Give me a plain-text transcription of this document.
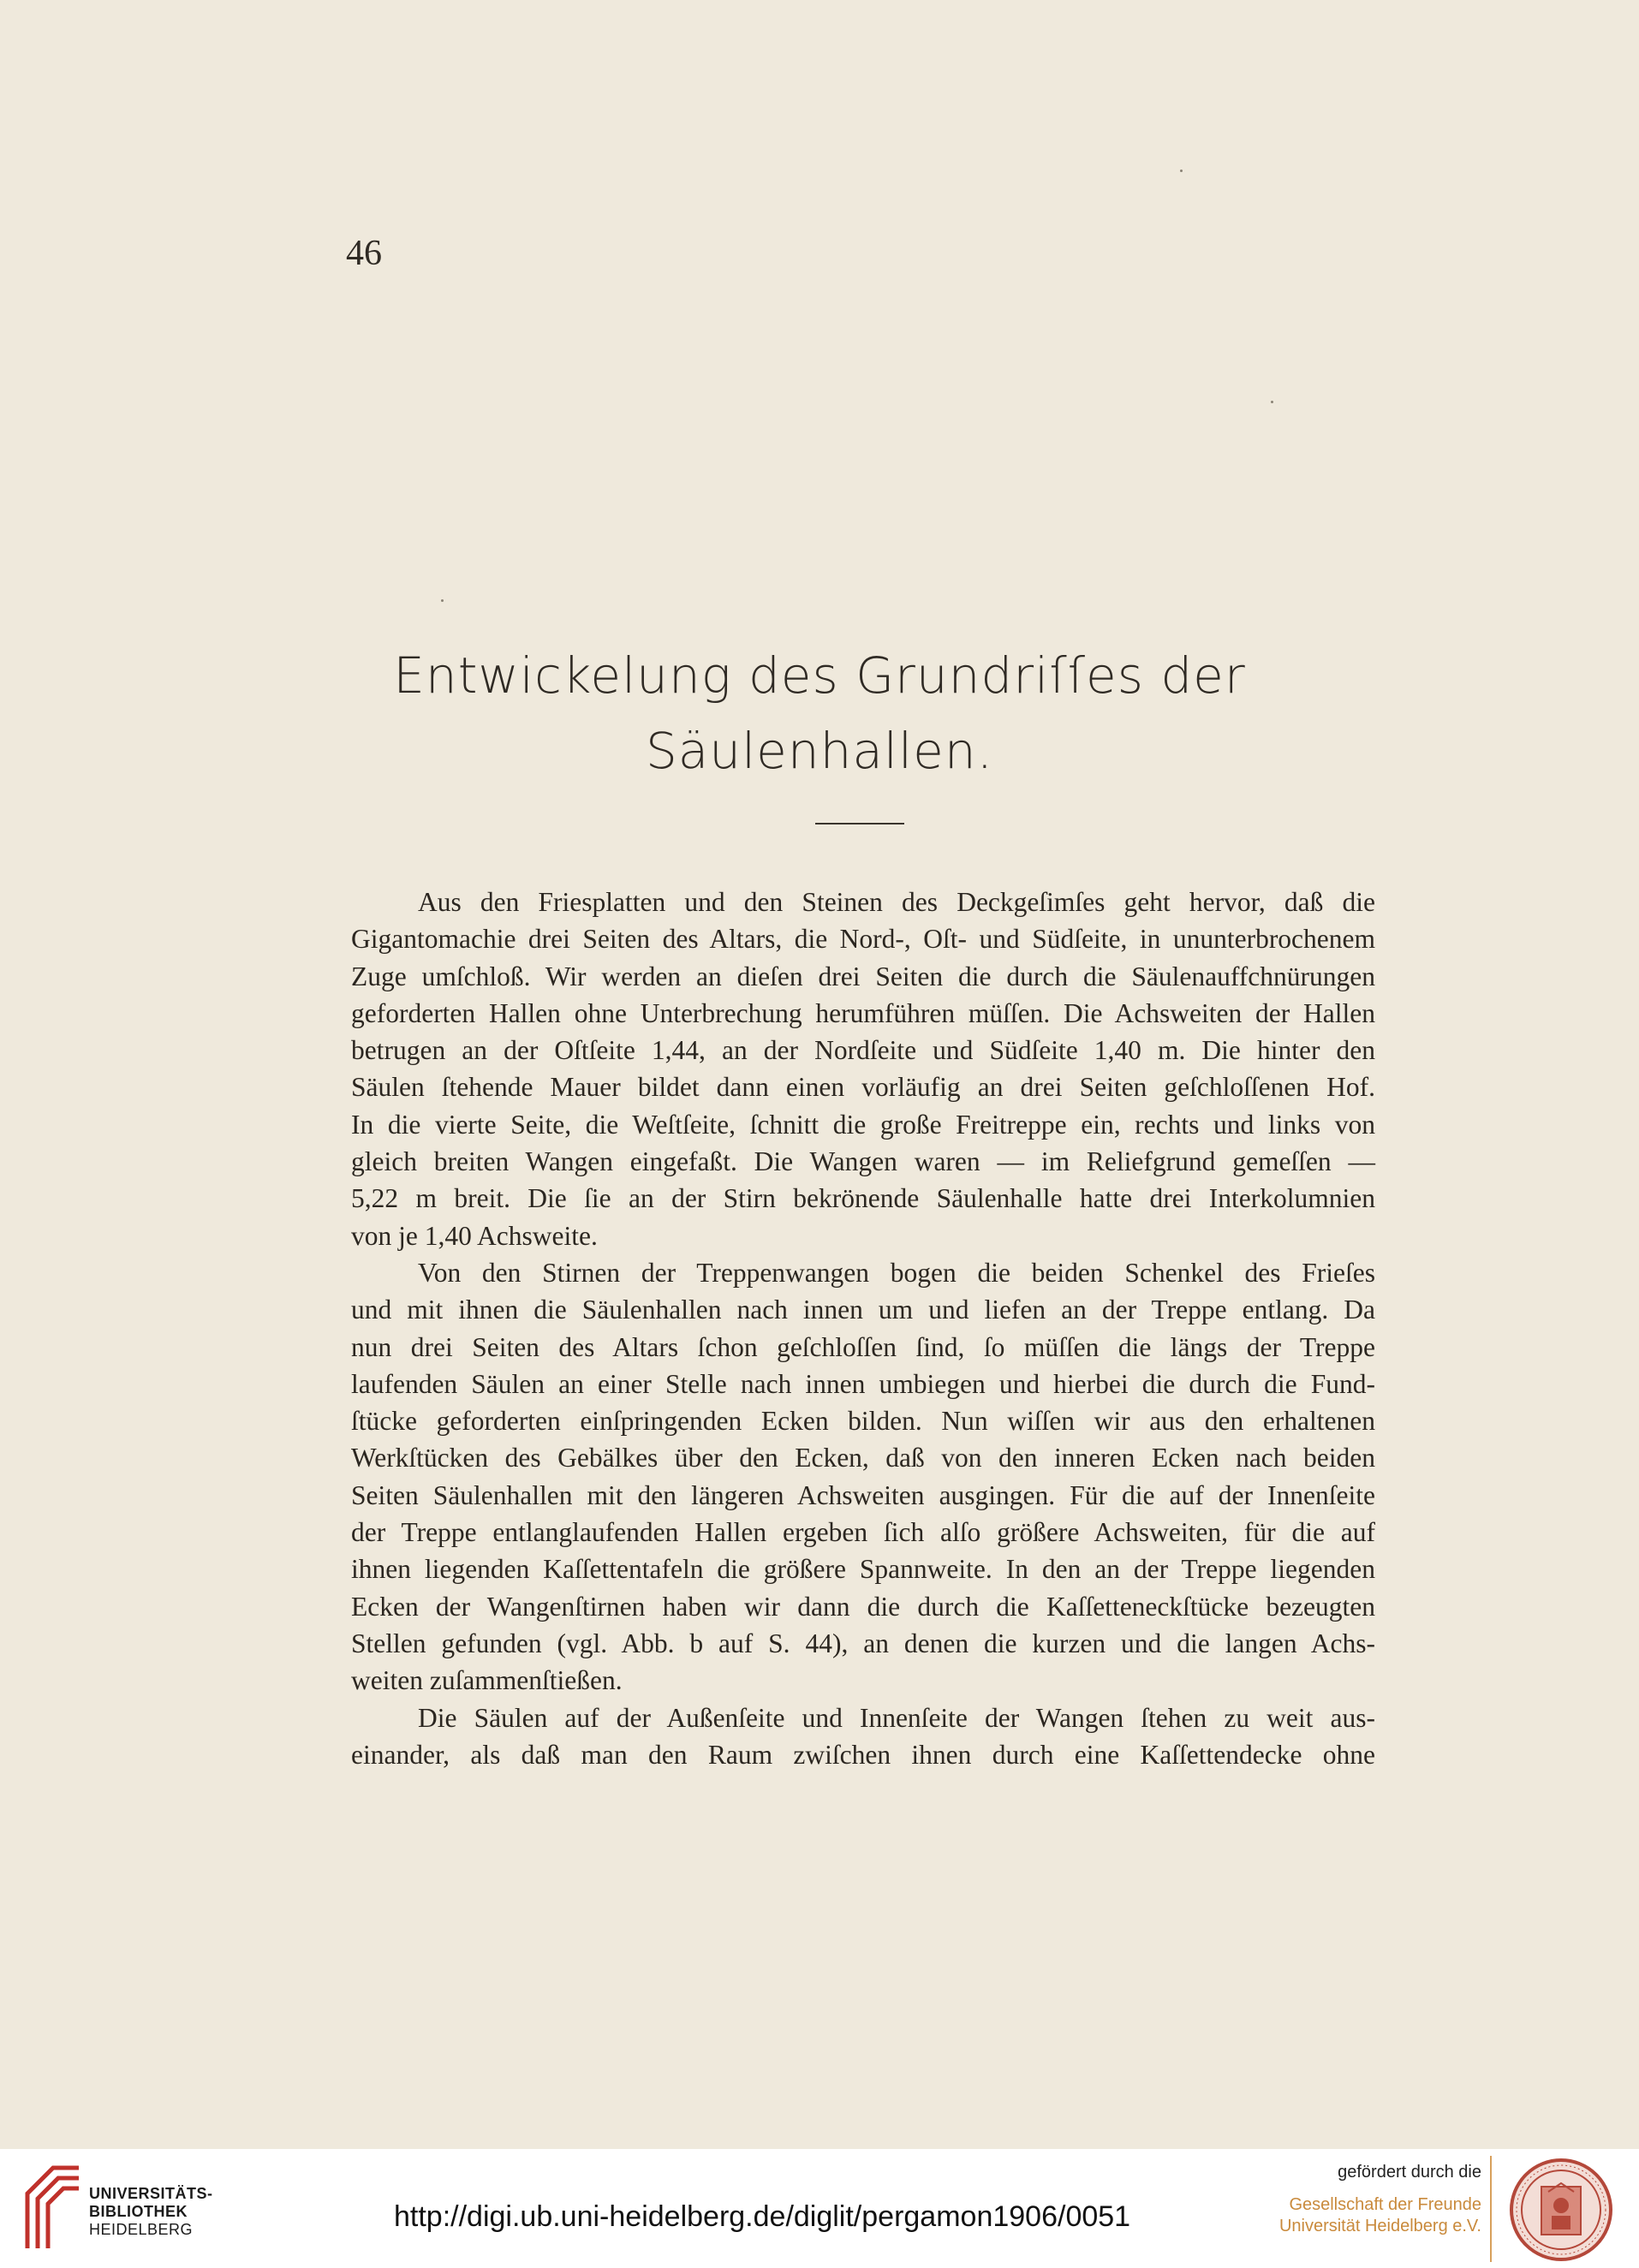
46
Entwickelung des Grundriſſes der
Säulenhallen.
Aus den Friesplatten und den Steinen des Deckgeſimſes geht hervor, daß die
Gigantomachie drei Seiten des Altars, die Nord-, Oſt- und Südſeite, in ununterbrochenem
Zuge umſchloß. Wir werden an dieſen drei Seiten die durch die Säulenauffchnürungen
geforderten Hallen ohne Unterbrechung herumführen müſſen. Die Achsweiten der Hallen
betrugen an der Oſtſeite 1,44, an der Nordſeite und Südſeite 1,40 m. Die hinter den
Säulen ſtehende Mauer bildet dann einen vorläufig an drei Seiten geſchloſſenen Hof.
In die vierte Seite, die Weſtſeite, ſchnitt die große Freitreppe ein, rechts und links von
gleich breiten Wangen eingefaßt. Die Wangen waren — im Reliefgrund gemeſſen —
5,22 m breit. Die ſie an der Stirn bekrönende Säulenhalle hatte drei Interkolumnien
von je 1,40 Achsweite.
Von den Stirnen der Treppenwangen bogen die beiden Schenkel des Frieſes
und mit ihnen die Säulenhallen nach innen um und liefen an der Treppe entlang. Da
nun drei Seiten des Altars ſchon geſchloſſen ſind, ſo müſſen die längs der Treppe
laufenden Säulen an einer Stelle nach innen umbiegen und hierbei die durch die Fund-
ſtücke geforderten einſpringenden Ecken bilden. Nun wiſſen wir aus den erhaltenen
Werkſtücken des Gebälkes über den Ecken, daß von den inneren Ecken nach beiden
Seiten Säulenhallen mit den längeren Achsweiten ausgingen. Für die auf der Innenſeite
der Treppe entlanglaufenden Hallen ergeben ſich alſo größere Achsweiten, für die auf
ihnen liegenden Kaſſettentafeln die größere Spannweite. In den an der Treppe liegenden
Ecken der Wangenſtirnen haben wir dann die durch die Kaſſetteneckſtücke bezeugten
Stellen gefunden (vgl. Abb. b auf S. 44), an denen die kurzen und die langen Achs-
weiten zuſammenſtießen.
Die Säulen auf der Außenſeite und Innenſeite der Wangen ſtehen zu weit aus-
einander, als daß man den Raum zwiſchen ihnen durch eine Kaſſettendecke ohne
UNIVERSITÄTS-
BIBLIOTHEK
HEIDELBERG	http://digi.ub.uni-heidelberg.de/diglit/pergamon1906/0051
gefördert durch die
Gesellschaft der Freunde
Universität Heidelberg e.V.
